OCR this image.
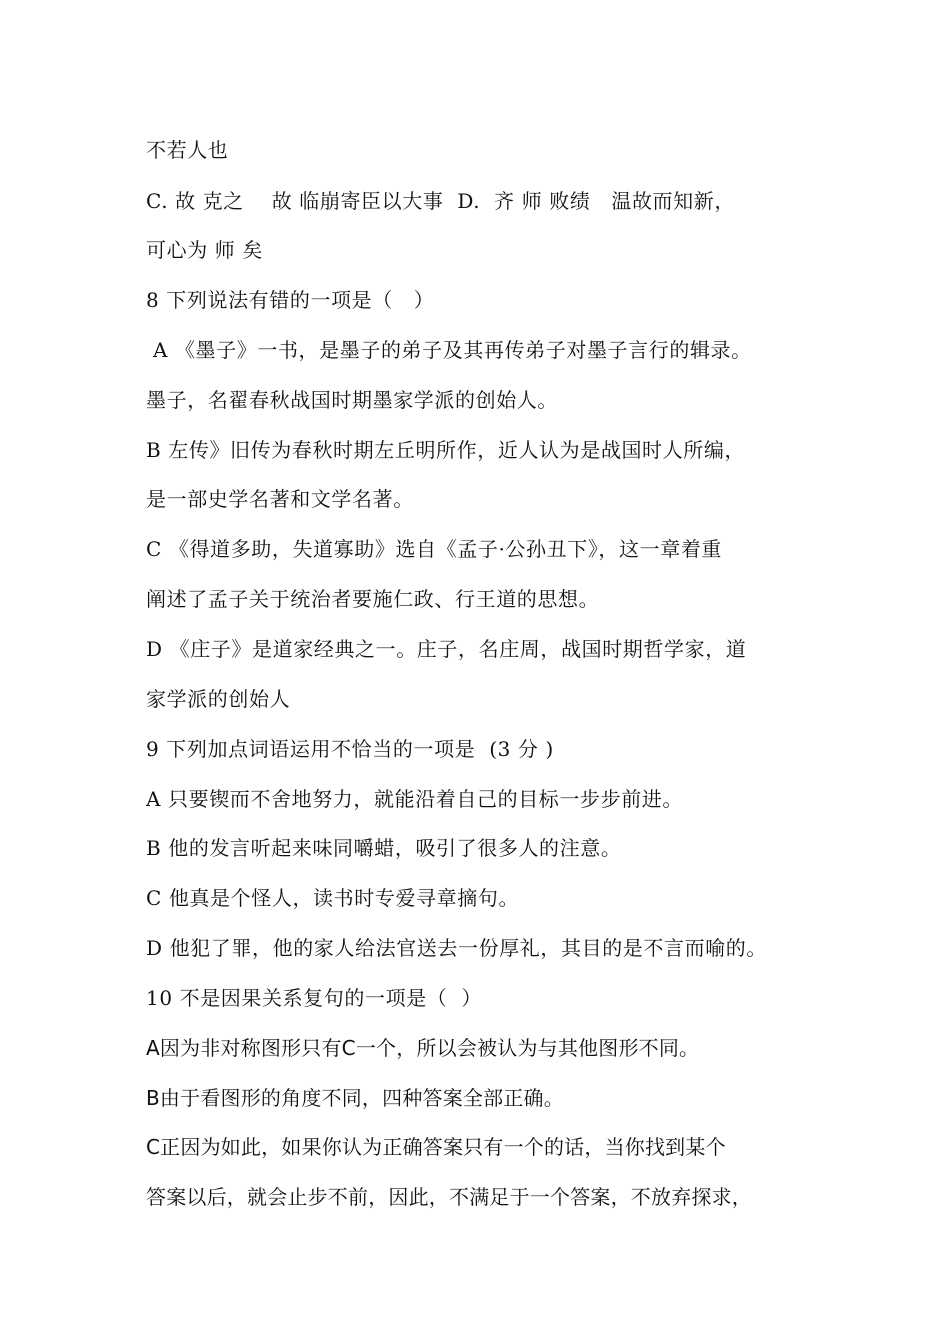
不若人也
C. 故 克之    故 临崩寄臣以大事  D.  齐 师 败绩   温故而知新，
可心为 师 矣
8 下列说法有错的一项是（   ）
A 《墨子》一书，是墨子的弟子及其再传弟子对墨子言行的辑录。
墨子，名翟春秋战国时期墨家学派的创始人。
B 左传》旧传为春秋时期左丘明所作，近人认为是战国时人所编，
是一部史学名著和文学名著。
C 《得道多助，失道寡助》选自《孟子·公孙丑下》，这一章着重
阐述了孟子关于统治者要施仁政、行王道的思想。
D 《庄子》是道家经典之一。庄子，名庄周，战国时期哲学家，道
家学派的创始人
9 下列加点词语运用不恰当的一项是  (3 分 )
A 只要锲而不舍地努力，就能沿着自己的目标一步步前进。
B 他的发言听起来味同嚼蜡，吸引了很多人的注意。
C 他真是个怪人，读书时专爱寻章摘句。
D 他犯了罪，他的家人给法官送去一份厚礼，其目的是不言而喻的。
10 不是因果关系复句的一项是（  ）
A因为非对称图形只有C一个，所以会被认为与其他图形不同。
B由于看图形的角度不同，四种答案全部正确。
C正因为如此，如果你认为正确答案只有一个的话，当你找到某个
答案以后，就会止步不前，因此，不满足于一个答案，不放弃探求，
